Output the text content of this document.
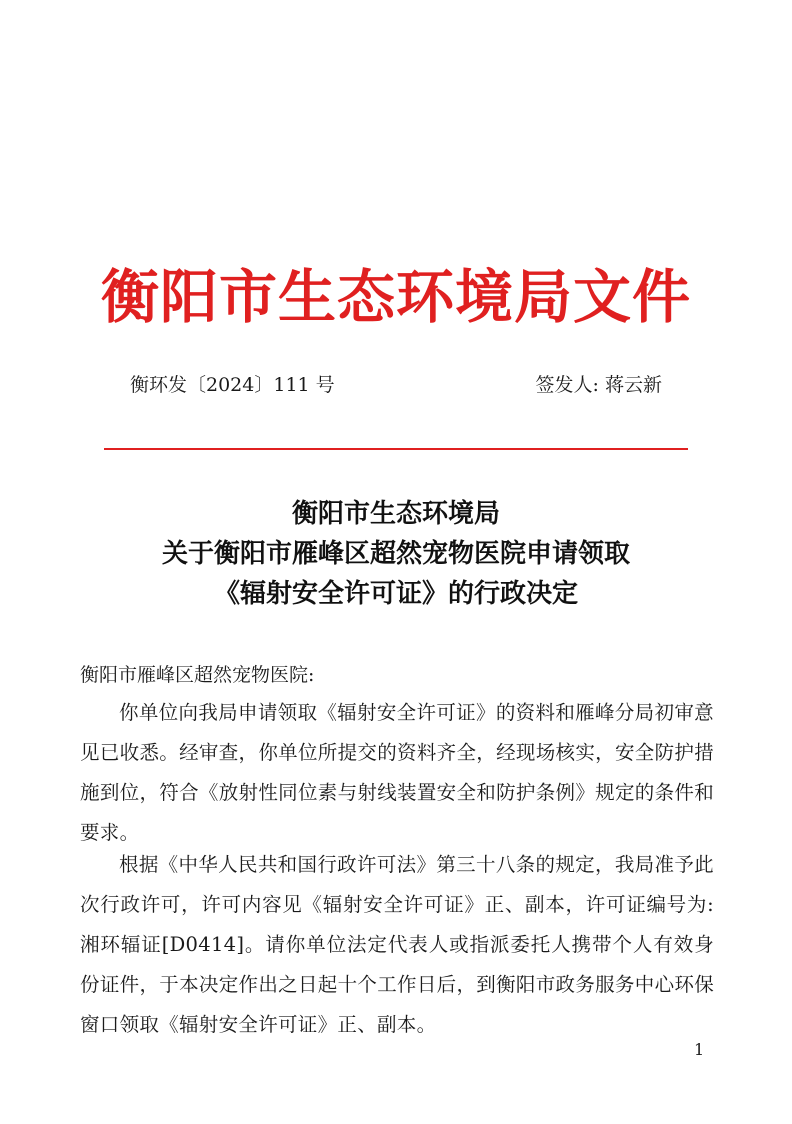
衡阳市生态环境局文件
衡环发〔2024〕111 号	签发人: 蒋云新
衡阳市生态环境局
关于衡阳市雁峰区超然宠物医院申请领取
《辐射安全许可证》的行政决定
衡阳市雁峰区超然宠物医院:
你单位向我局申请领取《辐射安全许可证》的资料和雁峰分局初审意见已收悉。经审查，你单位所提交的资料齐全，经现场核实，安全防护措施到位，符合《放射性同位素与射线装置安全和防护条例》规定的条件和要求。
根据《中华人民共和国行政许可法》第三十八条的规定，我局准予此次行政许可，许可内容见《辐射安全许可证》正、副本，许可证编号为: 湘环辐证[D0414]。请你单位法定代表人或指派委托人携带个人有效身份证件，于本决定作出之日起十个工作日后，到衡阳市政务服务中心环保窗口领取《辐射安全许可证》正、副本。
1
